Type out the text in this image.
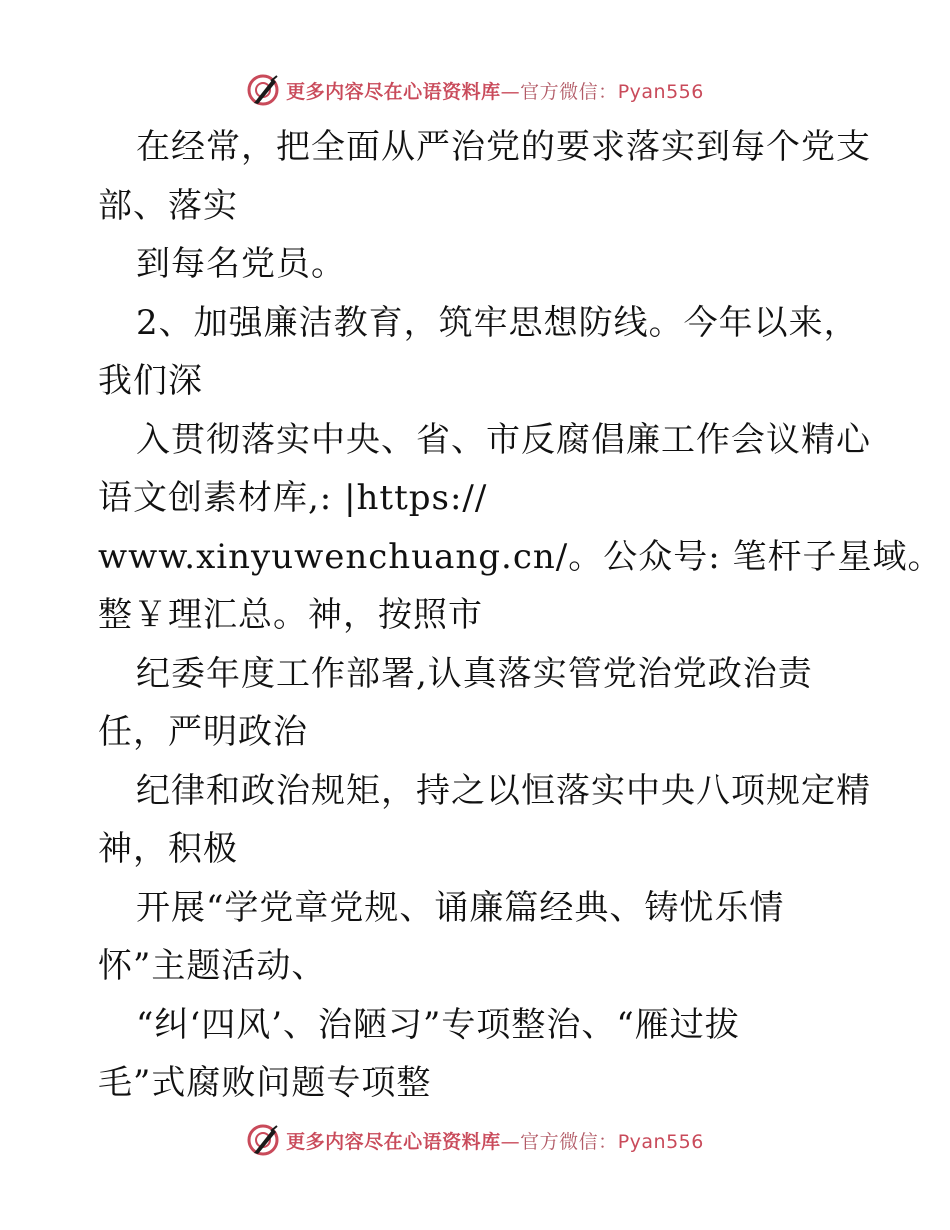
更多内容尽在心语资料库—官方微信：Pyan556
在经常，把全面从严治党的要求落实到每个党支
部、落实
到每名党员。
2、加强廉洁教育，筑牢思想防线。今年以来，
我们深
入贯彻落实中央、省、市反腐倡廉工作会议精心
语文创素材库,: |https://
www.xinyuwenchuang.cn/。公众号: 笔杆子星域。
整￥理汇总。神，按照市
纪委年度工作部署,认真落实管党治党政治责
任，严明政治
纪律和政治规矩，持之以恒落实中央八项规定精
神，积极
开展“学党章党规、诵廉篇经典、铸忧乐情
怀”主题活动、
“纠‘四风’、治陋习”专项整治、“雁过拔
毛”式腐败问题专项整
更多内容尽在心语资料库—官方微信：Pyan556
